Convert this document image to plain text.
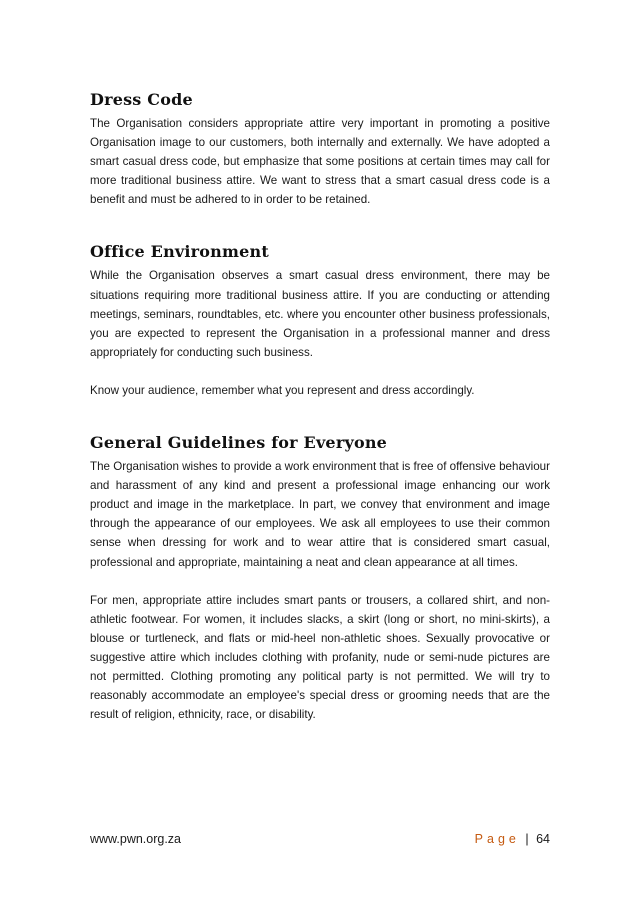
Dress Code

The Organisation considers appropriate attire very important in promoting a positive Organisation image to our customers, both internally and externally. We have adopted a smart casual dress code, but emphasize that some positions at certain times may call for more traditional business attire. We want to stress that a smart casual dress code is a benefit and must be adhered to in order to be retained.

Office Environment

While the Organisation observes a smart casual dress environment, there may be situations requiring more traditional business attire. If you are conducting or attending meetings, seminars, roundtables, etc. where you encounter other business professionals, you are expected to represent the Organisation in a professional manner and dress appropriately for conducting such business.

Know your audience, remember what you represent and dress accordingly.

General Guidelines for Everyone

The Organisation wishes to provide a work environment that is free of offensive behaviour and harassment of any kind and present a professional image enhancing our work product and image in the marketplace. In part, we convey that environment and image through the appearance of our employees. We ask all employees to use their common sense when dressing for work and to wear attire that is considered smart casual, professional and appropriate, maintaining a neat and clean appearance at all times.

For men, appropriate attire includes smart pants or trousers, a collared shirt, and non-athletic footwear. For women, it includes slacks, a skirt (long or short, no mini-skirts), a blouse or turtleneck, and flats or mid-heel non-athletic shoes. Sexually provocative or suggestive attire which includes clothing with profanity, nude or semi-nude pictures are not permitted. Clothing promoting any political party is not permitted. We will try to reasonably accommodate an employee's special dress or grooming needs that are the result of religion, ethnicity, race, or disability.

www.pwn.org.za	Page | 64
